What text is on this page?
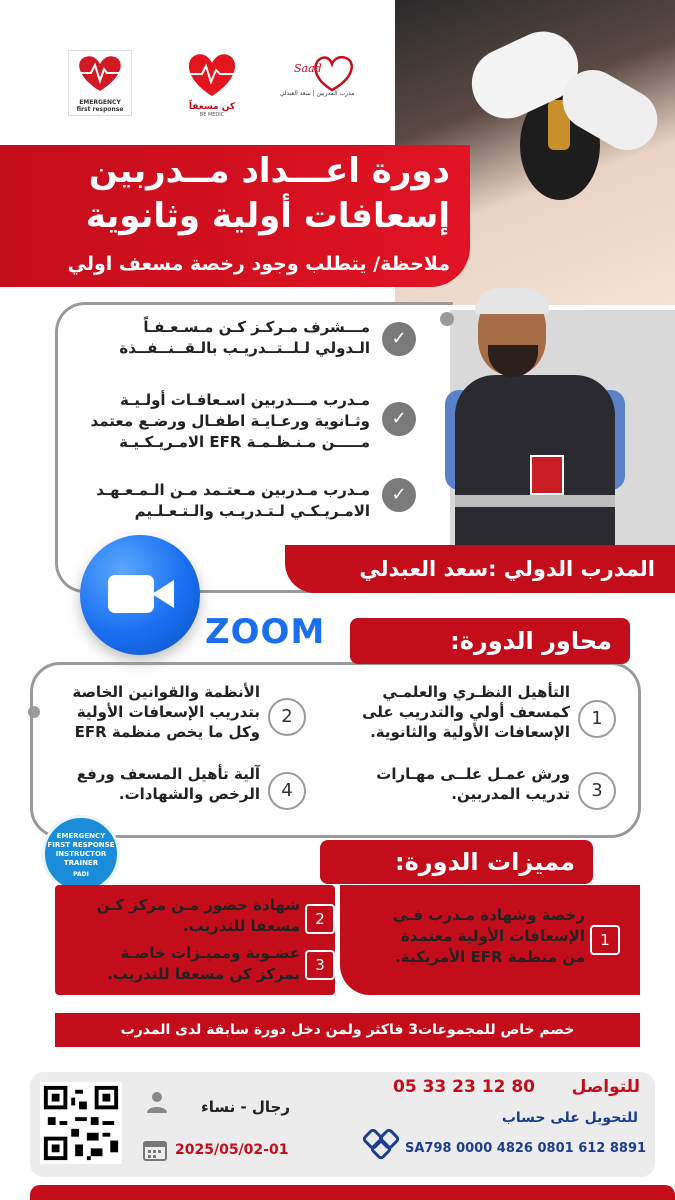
EMERGENCY first response	كن مسعفاً
BE MEDIC
Saad
مدرب المدربين | سعد العبدلي
دورة اعـــداد مــدربين
إسعافات أولية وثانوية
ملاحظة/ يتطلب وجود رخصة مسعف اولي
✓
مـــشرف مـركـز كـن مـسـعـفـاً
الـدولي لـلــتــدريـب بالـقــنــفــذة
✓
مـدرب مـــدربين اسـعافـات أولـيـة
وثـانوية ورعـايـة اطفـال ورضـع معتمد
مـــــن مـنـظـمـة EFR الامـريـكـيـة
✓
مـدرب مـدربين مـعتـمد مـن الـمـعـهـد
الامـريـكـي لـتـدريـب والـتـعـلـيم
المدرب الدولي :سعد العبدلي
ZOOM	محاور الدورة:
1
التأهيل النظـري والعلمـي
كمسعف أولي والتدريب على
الإسعافات الأولية والثانوية.
2
الأنظمة والقوانين الخاصة
بتدريب الإسعافات الأولية
وكل ما يخص منظمة EFR
3
ورش عمـل علــى مهـارات
تدريب المدربين.
4
آلية تأهيل المسعف ورفع
الرخص والشهادات.
EMERGENCY FIRST RESPONSE INSTRUCTOR TRAINER
PADI	مميزات الدورة:
1
رخصة وشهادة مـدرب فـي
الإسعافات الأولية معتمدة
من منظمة EFR الأمريكية.
2
شهادة حضور مـن مركز كـن
مسعفا للتدريب.
3
عضـوية ومميـزات خاصـة
بمركز كن مسعفا للتدريب.
خصم خاص للمجموعات3 فاكثر ولمن دخل دورة سابقة لدى المدرب
للتواصل
05 33 23 12 80
للتحويل على حساب
SA798 0000 4826 0801 612 8891
رجال - نساء
2025/05/02-01
